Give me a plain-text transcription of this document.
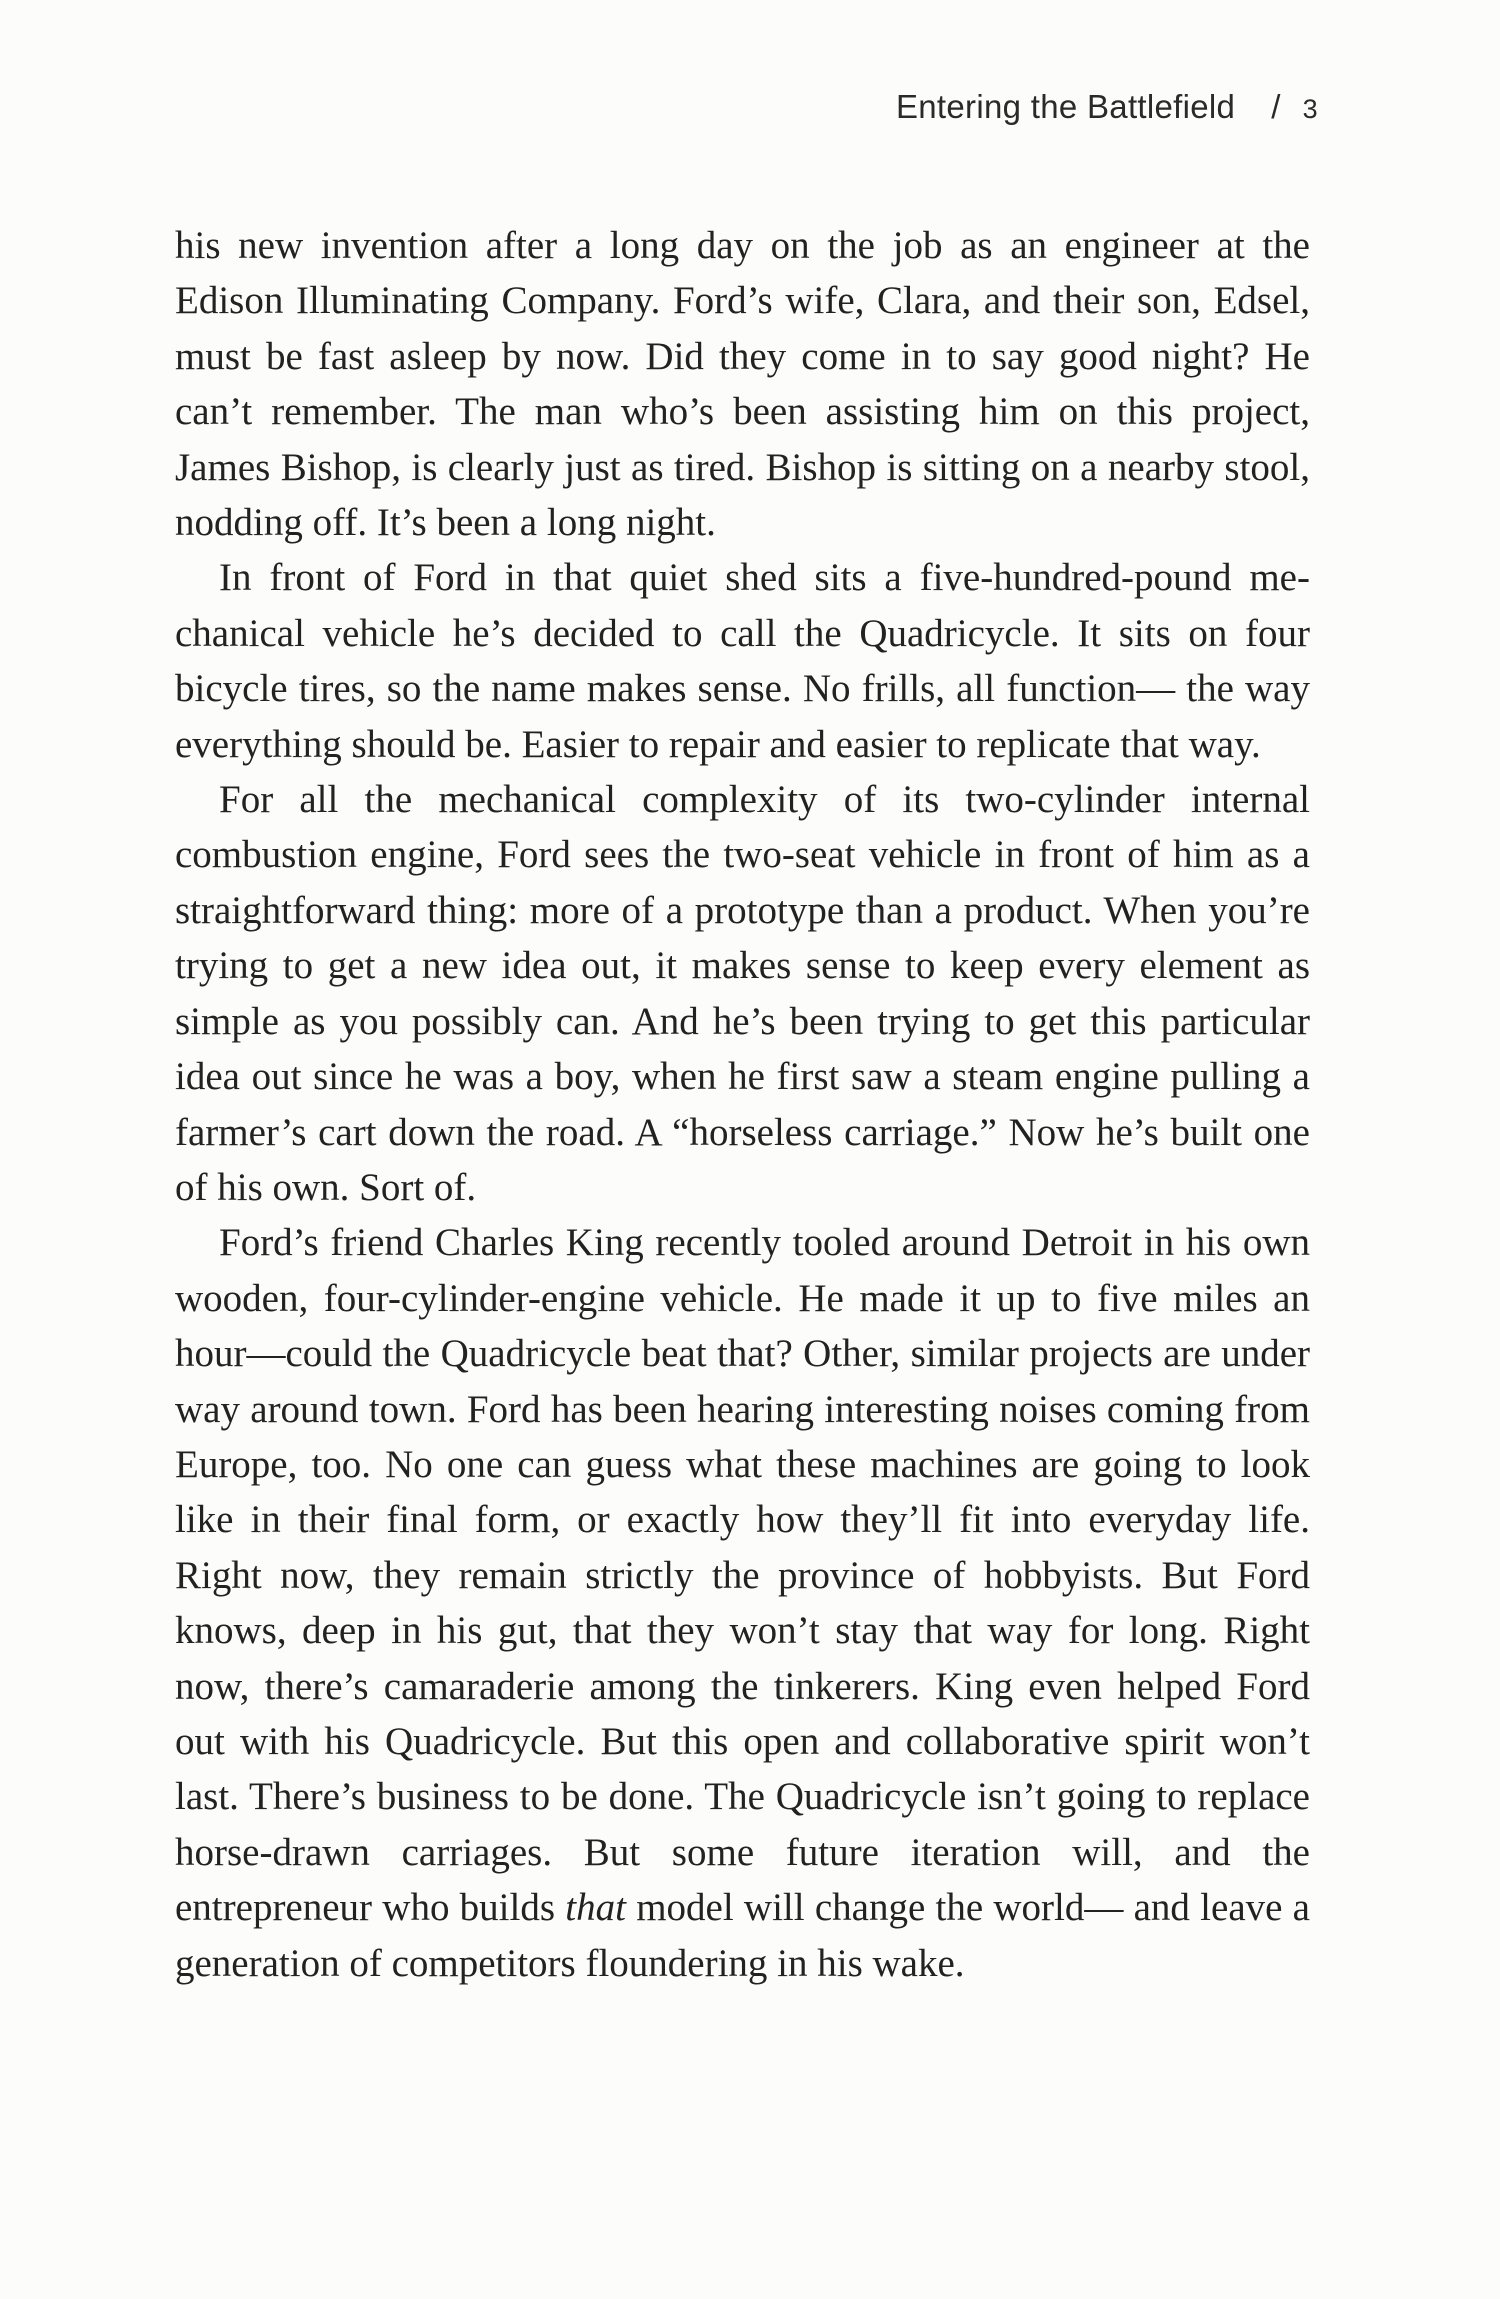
Entering the Battlefield / 3

his new invention after a long day on the job as an engineer at the Edison Illuminating Company. Ford’s wife, Clara, and their son, Edsel, must be fast asleep by now. Did they come in to say good night? He can’t remember. The man who’s been assisting him on this project, James Bishop, is clearly just as tired. Bishop is sitting on a nearby stool, nodding off. It’s been a long night.

In front of Ford in that quiet shed sits a five-hundred-pound mechanical vehicle he’s decided to call the Quadricycle. It sits on four bicycle tires, so the name makes sense. No frills, all function— the way everything should be. Easier to repair and easier to replicate that way.

For all the mechanical complexity of its two-cylinder internal combustion engine, Ford sees the two-seat vehicle in front of him as a straightforward thing: more of a prototype than a product. When you’re trying to get a new idea out, it makes sense to keep every element as simple as you possibly can. And he’s been trying to get this particular idea out since he was a boy, when he first saw a steam engine pulling a farmer’s cart down the road. A “horseless carriage.” Now he’s built one of his own. Sort of.

Ford’s friend Charles King recently tooled around Detroit in his own wooden, four-cylinder-engine vehicle. He made it up to five miles an hour—could the Quadricycle beat that? Other, similar projects are under way around town. Ford has been hearing interesting noises coming from Europe, too. No one can guess what these machines are going to look like in their final form, or exactly how they’ll fit into everyday life. Right now, they remain strictly the province of hobbyists. But Ford knows, deep in his gut, that they won’t stay that way for long. Right now, there’s camaraderie among the tinkerers. King even helped Ford out with his Quadricycle. But this open and collaborative spirit won’t last. There’s business to be done. The Quadricycle isn’t going to replace horse-drawn carriages. But some future iteration will, and the entrepreneur who builds that model will change the world— and leave a generation of competitors floundering in his wake.
